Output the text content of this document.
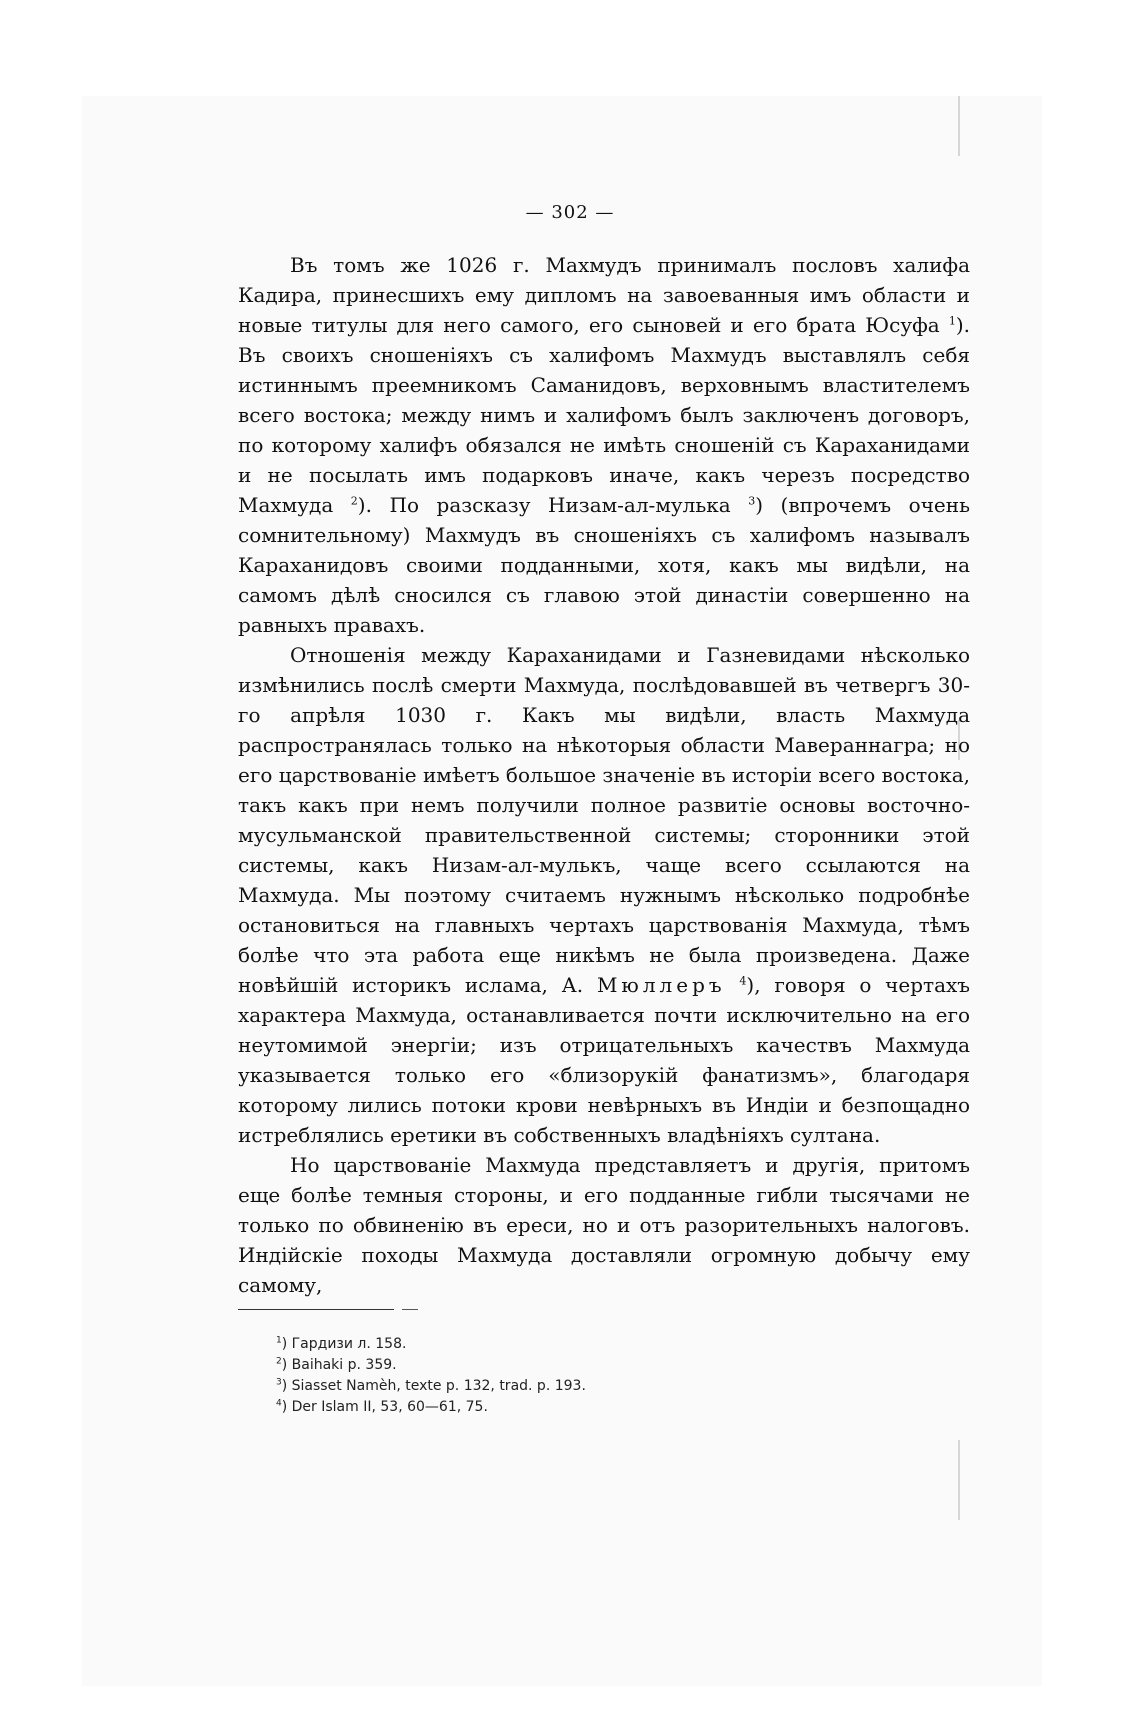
— 302 —

Въ томъ же 1026 г. Махмудъ принималъ пословъ халифа Кадира, принесшихъ ему дипломъ на завоеванныя имъ области и новые титулы для него самого, его сыновей и его брата Юсуфа $^1$). Въ своихъ сношеніяхъ съ халифомъ Махмудъ выставлялъ себя истиннымъ преемникомъ Саманидовъ, верховнымъ властителемъ всего востока; между нимъ и халифомъ былъ заключенъ договоръ, по которому халифъ обязался не имѣть сношеній съ Караханидами и не посылать имъ подарковъ иначе, какъ черезъ посредство Махмуда $^2$). По разсказу Низам-ал-мулька $^3$) (впрочемъ очень сомнительному) Махмудъ въ сношеніяхъ съ халифомъ называлъ Караханидовъ своими подданными, хотя, какъ мы видѣли, на самомъ дѣлѣ сносился съ главою этой династіи совершенно на равныхъ правахъ.

Отношенія между Караханидами и Газневидами нѣсколько измѣнились послѣ смерти Махмуда, послѣдовавшей въ четвергъ 30-го апрѣля 1030 г. Какъ мы видѣли, власть Махмуда распространялась только на нѣкоторыя области Мавераннагра; но его царствованіе имѣетъ большое значеніе въ исторіи всего востока, такъ какъ при немъ получили полное развитіе основы восточно-мусульманской правительственной системы; сторонники этой системы, какъ Низам-ал-мулькъ, чаще всего ссылаются на Махмуда. Мы поэтому считаемъ нужнымъ нѣсколько подробнѣе остановиться на главныхъ чертахъ царствованія Махмуда, тѣмъ болѣе что эта работа еще никѣмъ не была произведена. Даже новѣйшій историкъ ислама, А. Мюллеръ $^4$), говоря о чертахъ характера Махмуда, останавливается почти исключительно на его неутомимой энергіи; изъ отрицательныхъ качествъ Махмуда указывается только его «близорукій фанатизмъ», благодаря которому лились потоки крови невѣрныхъ въ Индіи и безпощадно истреблялись еретики въ собственныхъ владѣніяхъ султана.

Но царствованіе Махмуда представляетъ и другія, притомъ еще болѣе темныя стороны, и его подданные гибли тысячами не только по обвиненію въ ереси, но и отъ разорительныхъ налоговъ. Индійскіе походы Махмуда доставляли огромную добычу ему самому,

$^1$) Гардизи л. 158.

$^2$) Baihaki p. 359.

$^3$) Siasset Namèh, texte p. 132, trad. p. 193.

$^4$) Der Islam II, 53, 60—61, 75.
